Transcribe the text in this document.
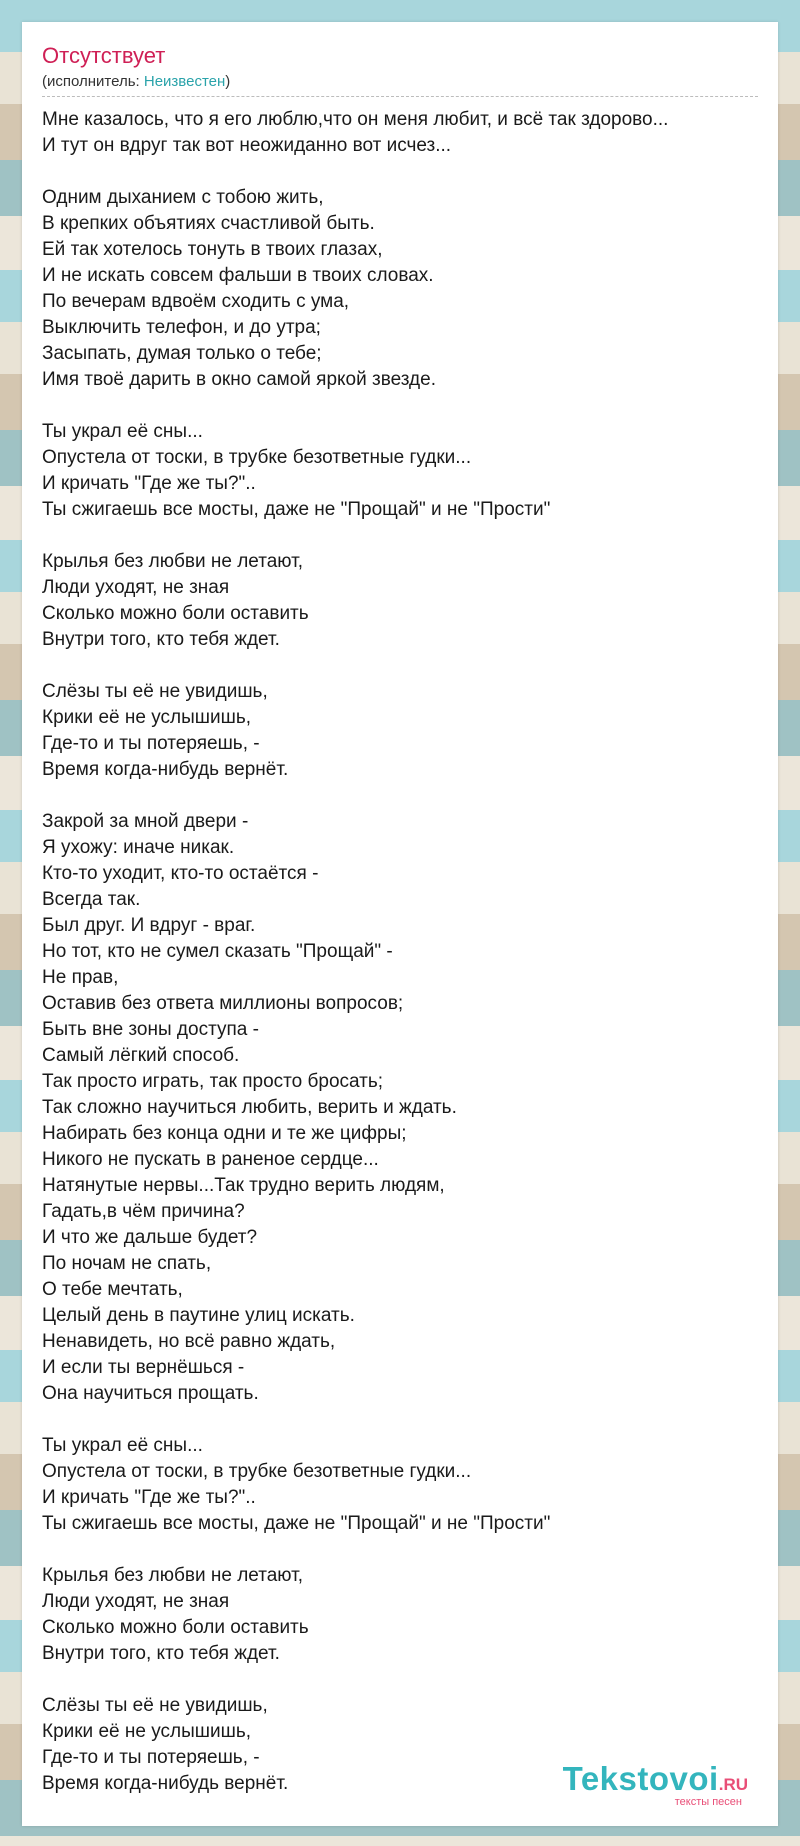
Отсутствует
(исполнитель: Неизвестен)
Мне казалось, что я его люблю,что он меня любит, и всё так здорово...
И тут он вдруг так вот неожиданно вот исчез...
Одним дыханием с тобою жить,
В крепких объятиях счастливой быть.
Ей так хотелось тонуть в твоих глазах,
И не искать совсем фальши в твоих словах.
По вечерам вдвоём сходить с ума,
Выключить телефон, и до утра;
Засыпать, думая только о тебе;
Имя твоё дарить в окно самой яркой звезде.
Ты украл её сны...
Опустела от тоски, в трубке безответные гудки...
И кричать "Где же ты?"..
Ты сжигаешь все мосты, даже не "Прощай" и не "Прости"
Крылья без любви не летают,
Люди уходят, не зная
Сколько можно боли оставить
Внутри того, кто тебя ждет.
Слёзы ты её не увидишь,
Крики её не услышишь,
Где-то и ты потеряешь, -
Время когда-нибудь вернёт.
Закрой за мной двери -
Я ухожу: иначе никак.
Кто-то уходит, кто-то остаётся -
Всегда так.
Был друг. И вдруг - враг.
Но тот, кто не сумел сказать "Прощай" -
Не прав,
Оставив без ответа миллионы вопросов;
Быть вне зоны доступа -
Самый лёгкий способ.
Так просто играть, так просто бросать;
Так сложно научиться любить, верить и ждать.
Набирать без конца одни и те же цифры;
Никого не пускать в раненое сердце...
Натянутые нервы...Так трудно верить людям,
Гадать,в чём причина?
И что же дальше будет?
По ночам не спать,
О тебе мечтать,
Целый день в паутине улиц искать.
Ненавидеть, но всё равно ждать,
И если ты вернёшься -
Она научиться прощать.
Ты украл её сны...
Опустела от тоски, в трубке безответные гудки...
И кричать "Где же ты?"..
Ты сжигаешь все мосты, даже не "Прощай" и не "Прости"
Крылья без любви не летают,
Люди уходят, не зная
Сколько можно боли оставить
Внутри того, кто тебя ждет.
Слёзы ты её не увидишь,
Крики её не услышишь,
Где-то и ты потеряешь, -
Время когда-нибудь вернёт.	Tekstovoi.RU
тексты песен
